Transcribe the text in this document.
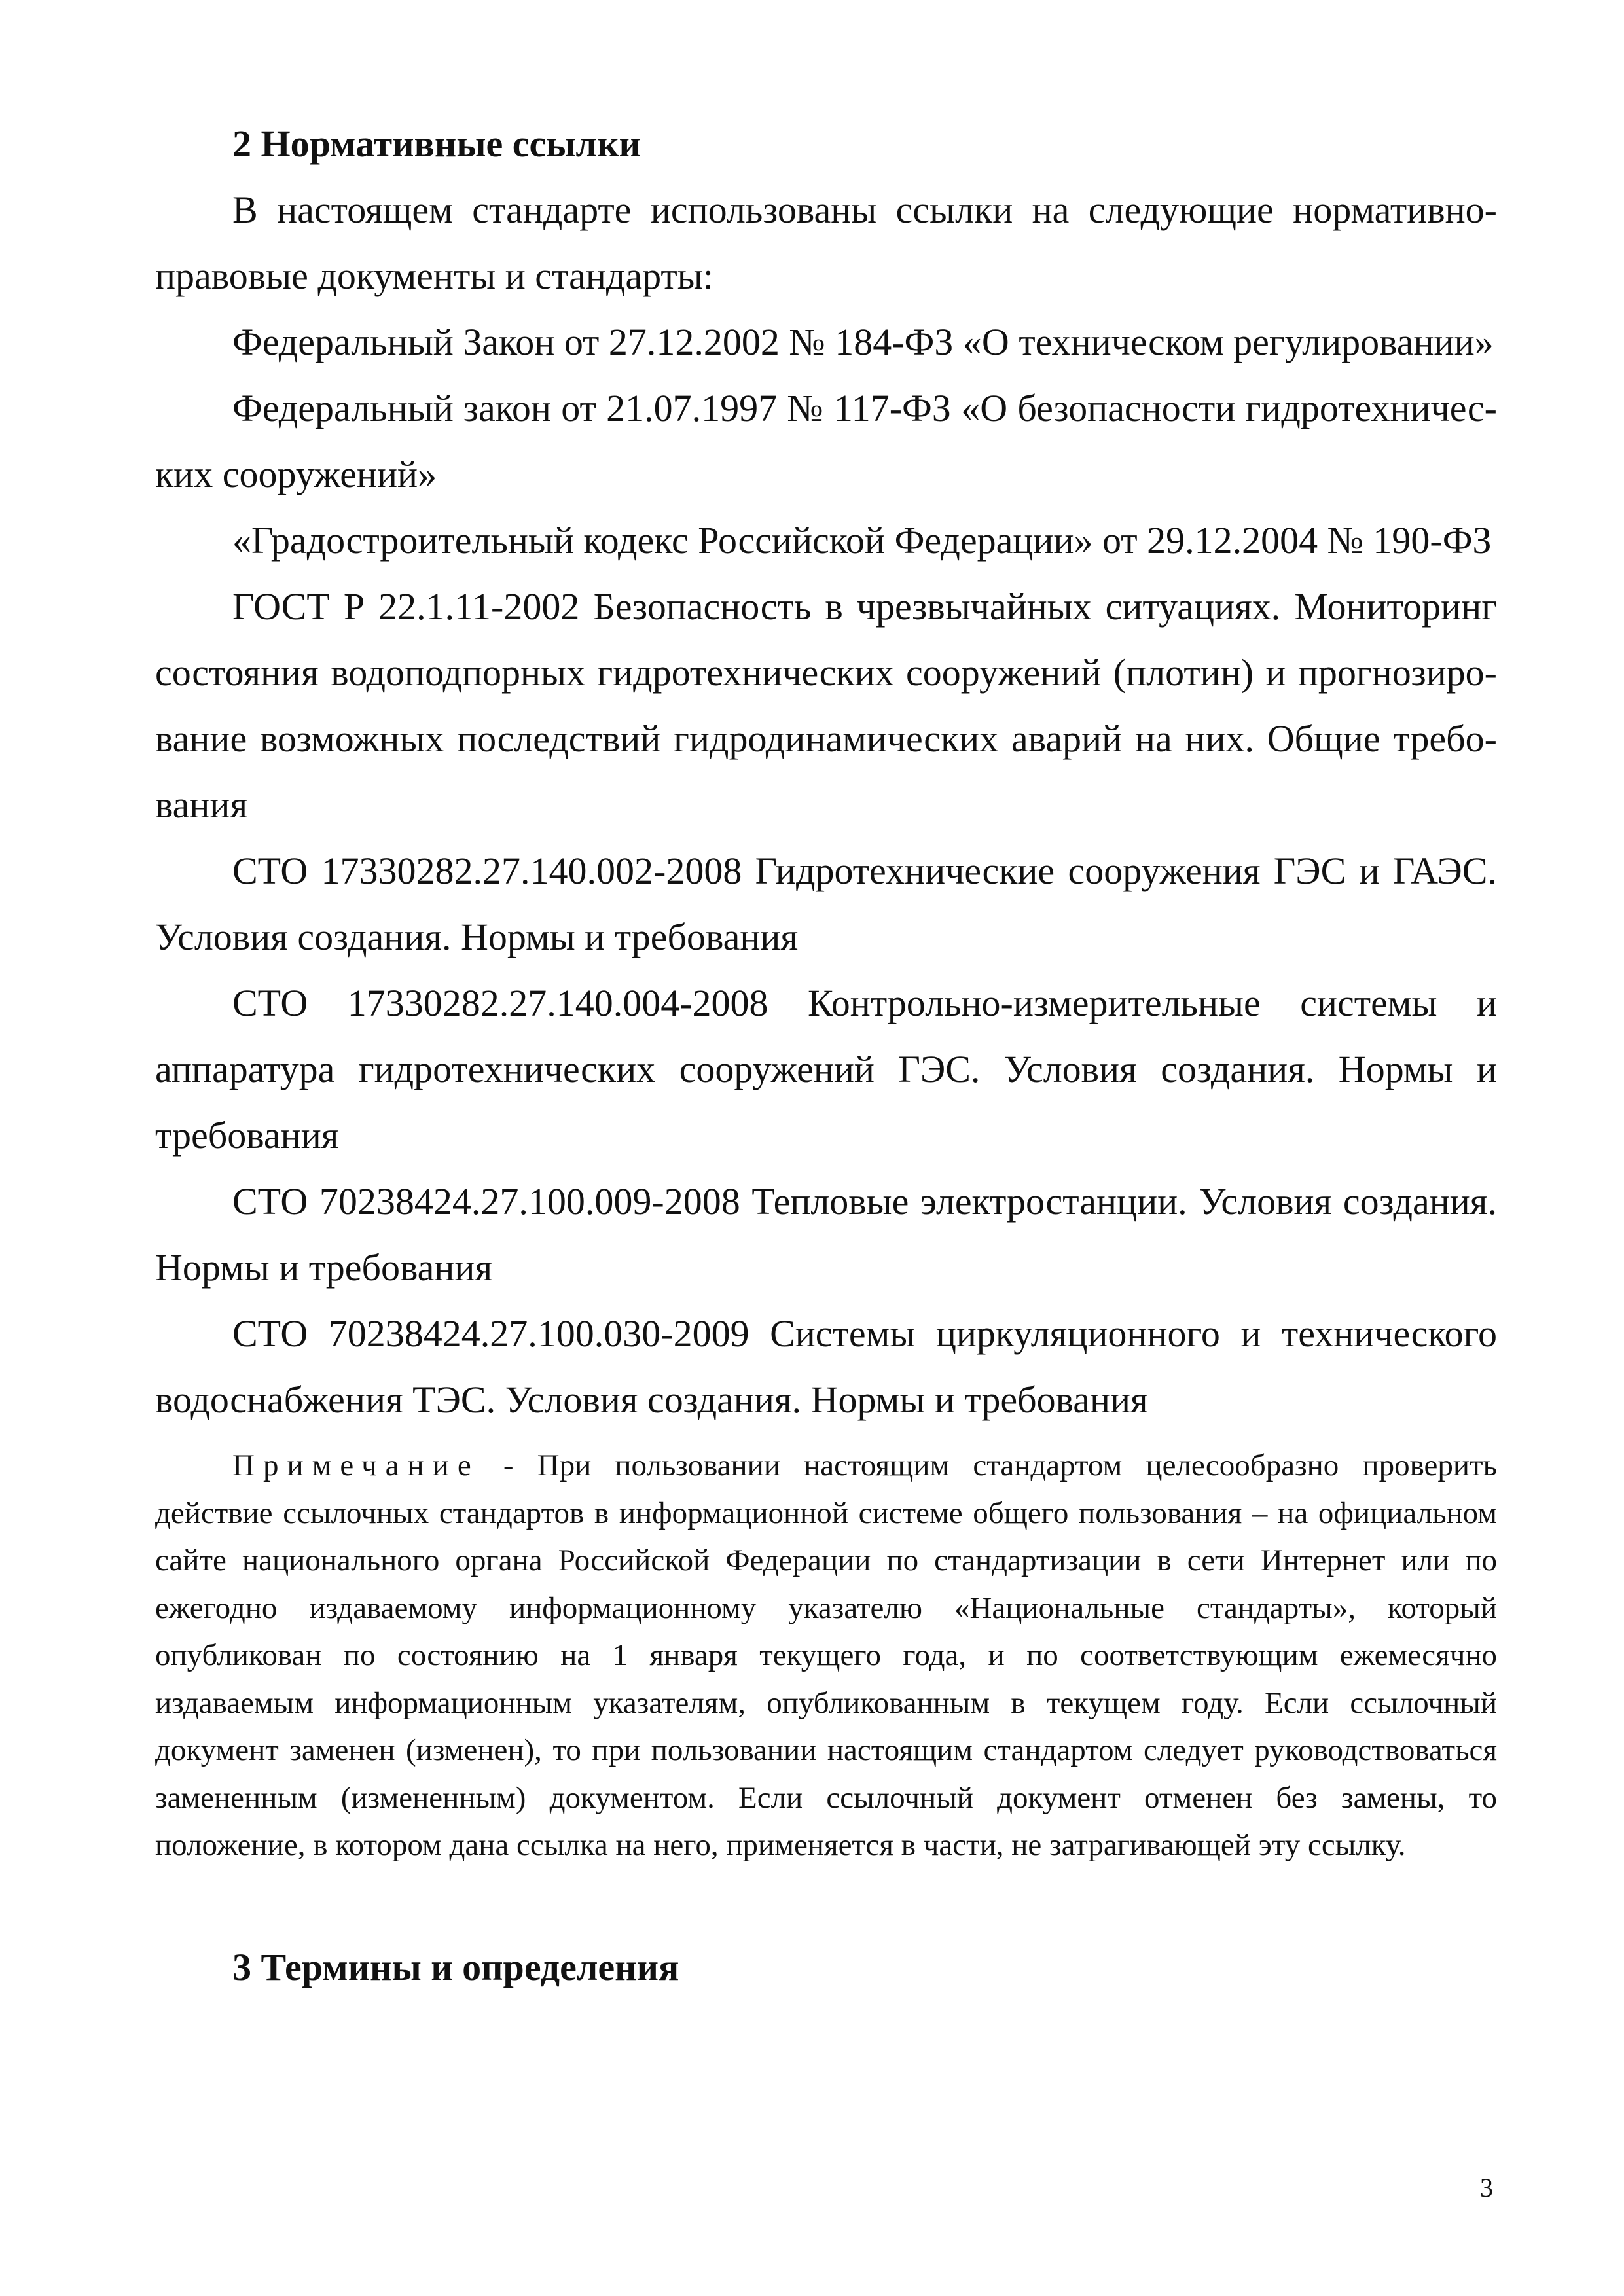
2 Нормативные ссылки

В настоящем стандарте использованы ссылки на следующие нормативно-правовые документы и стандарты:

Федеральный Закон от 27.12.2002 № 184-ФЗ «О техническом регулировании»

Федеральный закон от 21.07.1997 № 117-ФЗ «О безопасности гидротехнических сооружений»

«Градостроительный кодекс Российской Федерации» от 29.12.2004 № 190-ФЗ

ГОСТ Р 22.1.11-2002 Безопасность в чрезвычайных ситуациях. Мониторинг состояния водоподпорных гидротехнических сооружений (плотин) и прогнозирование возможных последствий гидродинамических аварий на них. Общие требования

СТО 17330282.27.140.002-2008 Гидротехнические сооружения ГЭС и ГАЭС. Условия создания. Нормы и требования

СТО 17330282.27.140.004-2008 Контрольно-измерительные системы и аппаратура гидротехнических сооружений ГЭС. Условия создания. Нормы и требования

СТО 70238424.27.100.009-2008 Тепловые электростанции. Условия создания. Нормы и требования

СТО 70238424.27.100.030-2009 Системы циркуляционного и технического водоснабжения ТЭС. Условия создания. Нормы и требования

Примечание - При пользовании настоящим стандартом целесообразно проверить действие ссылочных стандартов в информационной системе общего пользования – на официальном сайте национального органа Российской Федерации по стандартизации в сети Интернет или по ежегодно издаваемому информационному указателю «Национальные стандарты», который опубликован по состоянию на 1 января текущего года, и по соответствующим ежемесячно издаваемым информационным указателям, опубликованным в текущем году. Если ссылочный документ заменен (изменен), то при пользовании настоящим стандартом следует руководствоваться замененным (измененным) документом. Если ссылочный документ отменен без замены, то положение, в котором дана ссылка на него, применяется в части, не затрагивающей эту ссылку.

3 Термины и определения
3
